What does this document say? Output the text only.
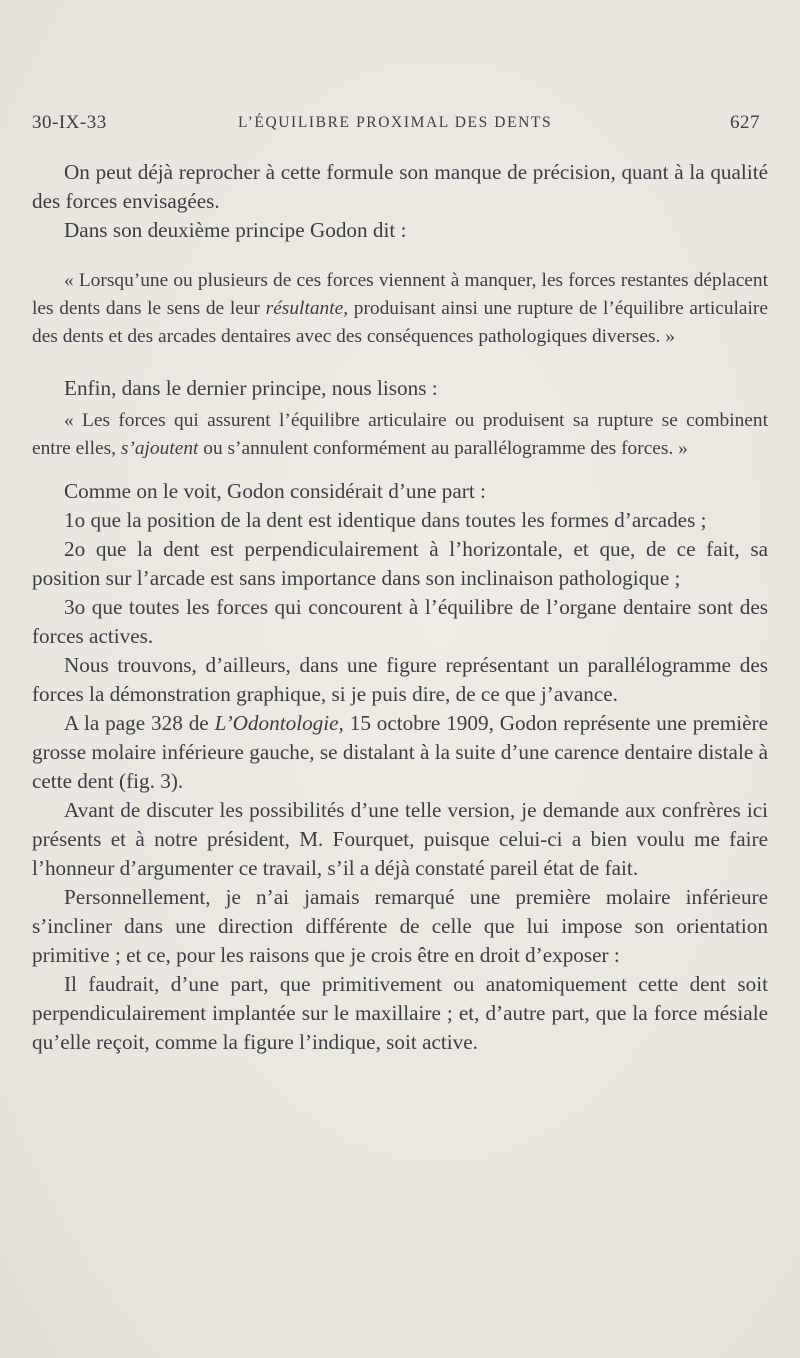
30-IX-33	L’ÉQUILIBRE PROXIMAL DES DENTS	627

On peut déjà reprocher à cette formule son manque de précision, quant à la qualité des forces envisagées.

Dans son deuxième principe Godon dit :

« Lorsqu’une ou plusieurs de ces forces viennent à manquer, les forces restantes déplacent les dents dans le sens de leur résultante, produisant ainsi une rupture de l’équilibre articulaire des dents et des arcades dentaires avec des conséquences pathologiques diverses. »

Enfin, dans le dernier principe, nous lisons :

« Les forces qui assurent l’équilibre articulaire ou produisent sa rupture se combinent entre elles, s’ajoutent ou s’annulent conformément au parallélogramme des forces. »

Comme on le voit, Godon considérait d’une part :

1o que la position de la dent est identique dans toutes les formes d’arcades ;

2o que la dent est perpendiculairement à l’horizontale, et que, de ce fait, sa position sur l’arcade est sans importance dans son inclinaison pathologique ;

3o que toutes les forces qui concourent à l’équilibre de l’organe dentaire sont des forces actives.

Nous trouvons, d’ailleurs, dans une figure représentant un parallélogramme des forces la démonstration graphique, si je puis dire, de ce que j’avance.

A la page 328 de L’Odontologie, 15 octobre 1909, Godon représente une première grosse molaire inférieure gauche, se distalant à la suite d’une carence dentaire distale à cette dent (fig. 3).

Avant de discuter les possibilités d’une telle version, je demande aux confrères ici présents et à notre président, M. Fourquet, puisque celui-ci a bien voulu me faire l’honneur d’argumenter ce travail, s’il a déjà constaté pareil état de fait.

Personnellement, je n’ai jamais remarqué une première molaire inférieure s’incliner dans une direction différente de celle que lui impose son orientation primitive ; et ce, pour les raisons que je crois être en droit d’exposer :

Il faudrait, d’une part, que primitivement ou anatomiquement cette dent soit perpendiculairement implantée sur le maxillaire ; et, d’autre part, que la force mésiale qu’elle reçoit, comme la figure l’indique, soit active.
